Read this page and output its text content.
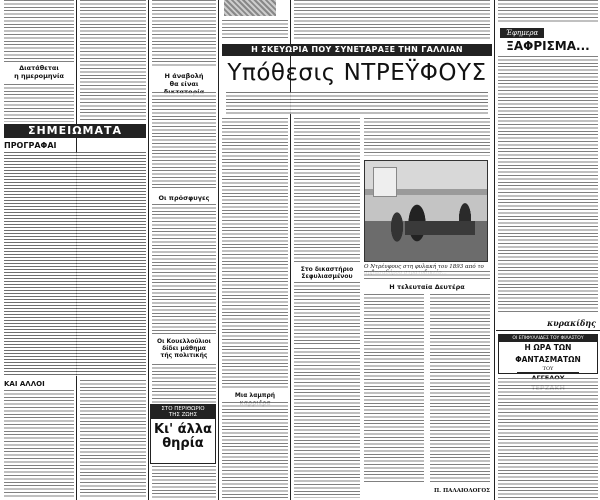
Διατάθεται
η ημερομηνία
ΣΗΜΕΙΩΜΑΤΑ
ΠΡΟΓΡΑΦΑΙ
ΚΑΙ ΑΛΛΟΙ
Η άναβολή
θα είναι
Οι πρόσφυγες
Οι Κουελλούλιοι
δίδει μάθημα
τής πολιτικής
ΣΤΟ ΠΕΡΙΘΩΡΙΟ
ΤΗΣ ΖΩΗΣ
Κι' άλλα
θηρία
Η ΣΚΕΥΩΡΙΑ ΠΟΥ ΣΥΝΕΤΑΡΑΞΕ ΤΗΝ ΓΑΛΛΙΑΝ
Υπόθεσις ΝΤΡΕΫΦΟΥΣ
Ο Ντρέυφους στη φυλακή του 1893 από το
Στο δικαστήριο
Σεφυλιασμένου
Μια λαμπρή
Η τελευταία Δευτέρα
Π. ΠΑΛΑΙΟΛΟΓΟΣ
Έφημερα
ΞΑΦΡΙΣΜΑ...
κυρακίδης
ΟΙ ΕΠΙΦΥΛΛΙΔΕΣ ΤΟΥ ΦΙΛΑΣΤΟΥ
Η ΩΡΑ ΤΩΝ ΦΑΝΤΑΣΜΑΤΩΝ
ΤΟΥ
